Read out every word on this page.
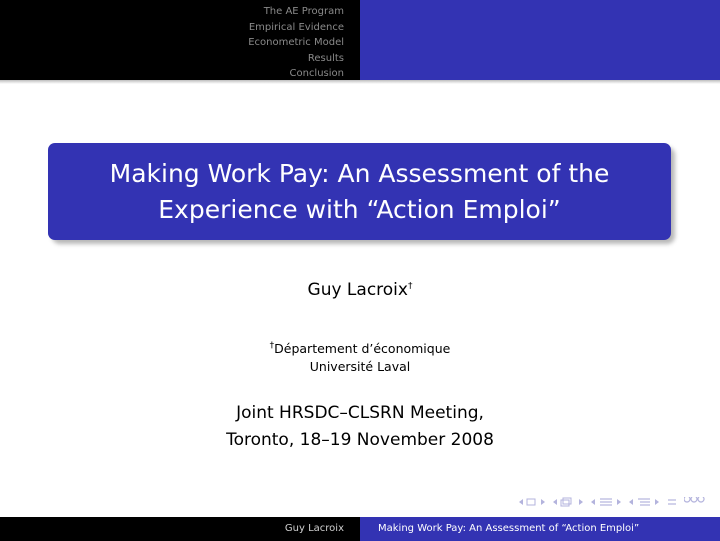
The AE Program
Empirical Evidence
Econometric Model
Results
Conclusion
Making Work Pay: An Assessment of the
Experience with “Action Emploi”
Guy Lacroix†
†Département d’économique
Université Laval
Joint HRSDC–CLSRN Meeting,
Toronto, 18–19 November 2008
Guy Lacroix	Making Work Pay: An Assessment of “Action Emploi”
